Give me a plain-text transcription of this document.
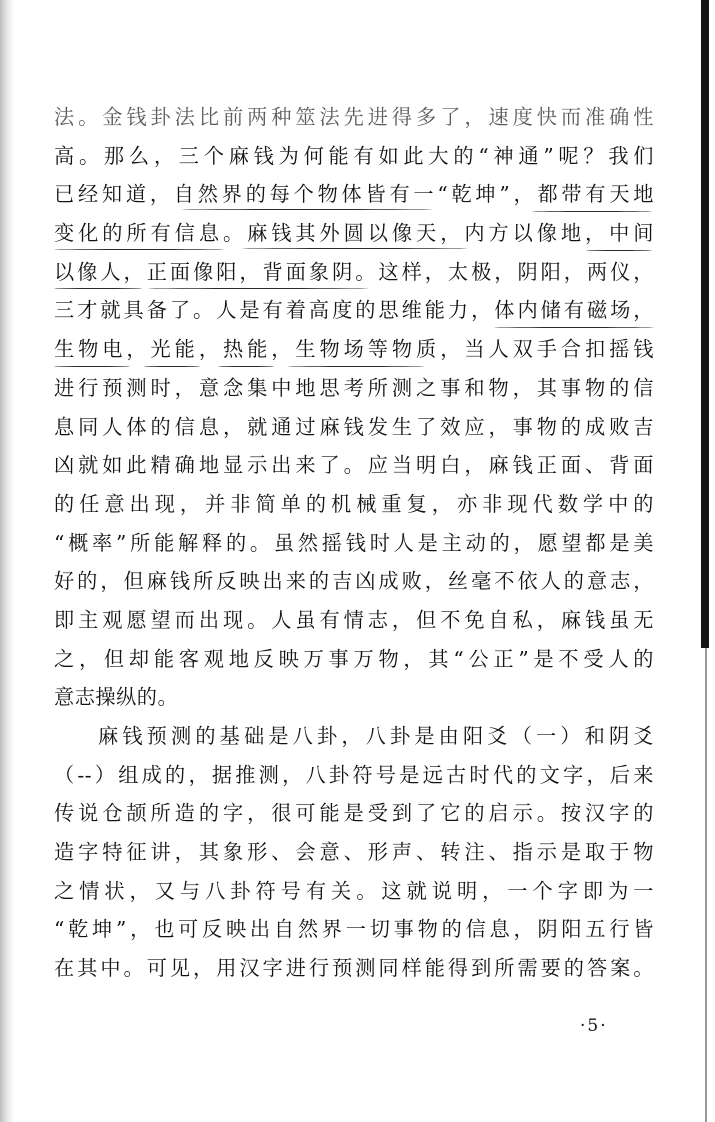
法。金钱卦法比前两种筮法先进得多了，速度快而准确性
高。那么，三个麻钱为何能有如此大的“神通”呢？我们
已经知道，自然界的每个物体皆有一“乾坤”，都带有天地
变化的所有信息。麻钱其外圆以像天，内方以像地，中间
以像人，正面像阳，背面象阴。这样，太极，阴阳，两仪，
三才就具备了。人是有着高度的思维能力，体内储有磁场，
生物电，光能，热能，生物场等物质，当人双手合扣摇钱
进行预测时，意念集中地思考所测之事和物，其事物的信
息同人体的信息，就通过麻钱发生了效应，事物的成败吉
凶就如此精确地显示出来了。应当明白，麻钱正面、背面
的任意出现，并非简单的机械重复，亦非现代数学中的
“概率”所能解释的。虽然摇钱时人是主动的，愿望都是美
好的，但麻钱所反映出来的吉凶成败，丝毫不依人的意志，
即主观愿望而出现。人虽有情志，但不免自私，麻钱虽无
之，但却能客观地反映万事万物，其“公正”是不受人的
意志操纵的。
麻钱预测的基础是八卦，八卦是由阳爻（一）和阴爻
（--）组成的，据推测，八卦符号是远古时代的文字，后来
传说仓颉所造的字，很可能是受到了它的启示。按汉字的
造字特征讲，其象形、会意、形声、转注、指示是取于物
之情状，又与八卦符号有关。这就说明，一个字即为一
“乾坤”，也可反映出自然界一切事物的信息，阴阳五行皆
在其中。可见，用汉字进行预测同样能得到所需要的答案。
·5·
